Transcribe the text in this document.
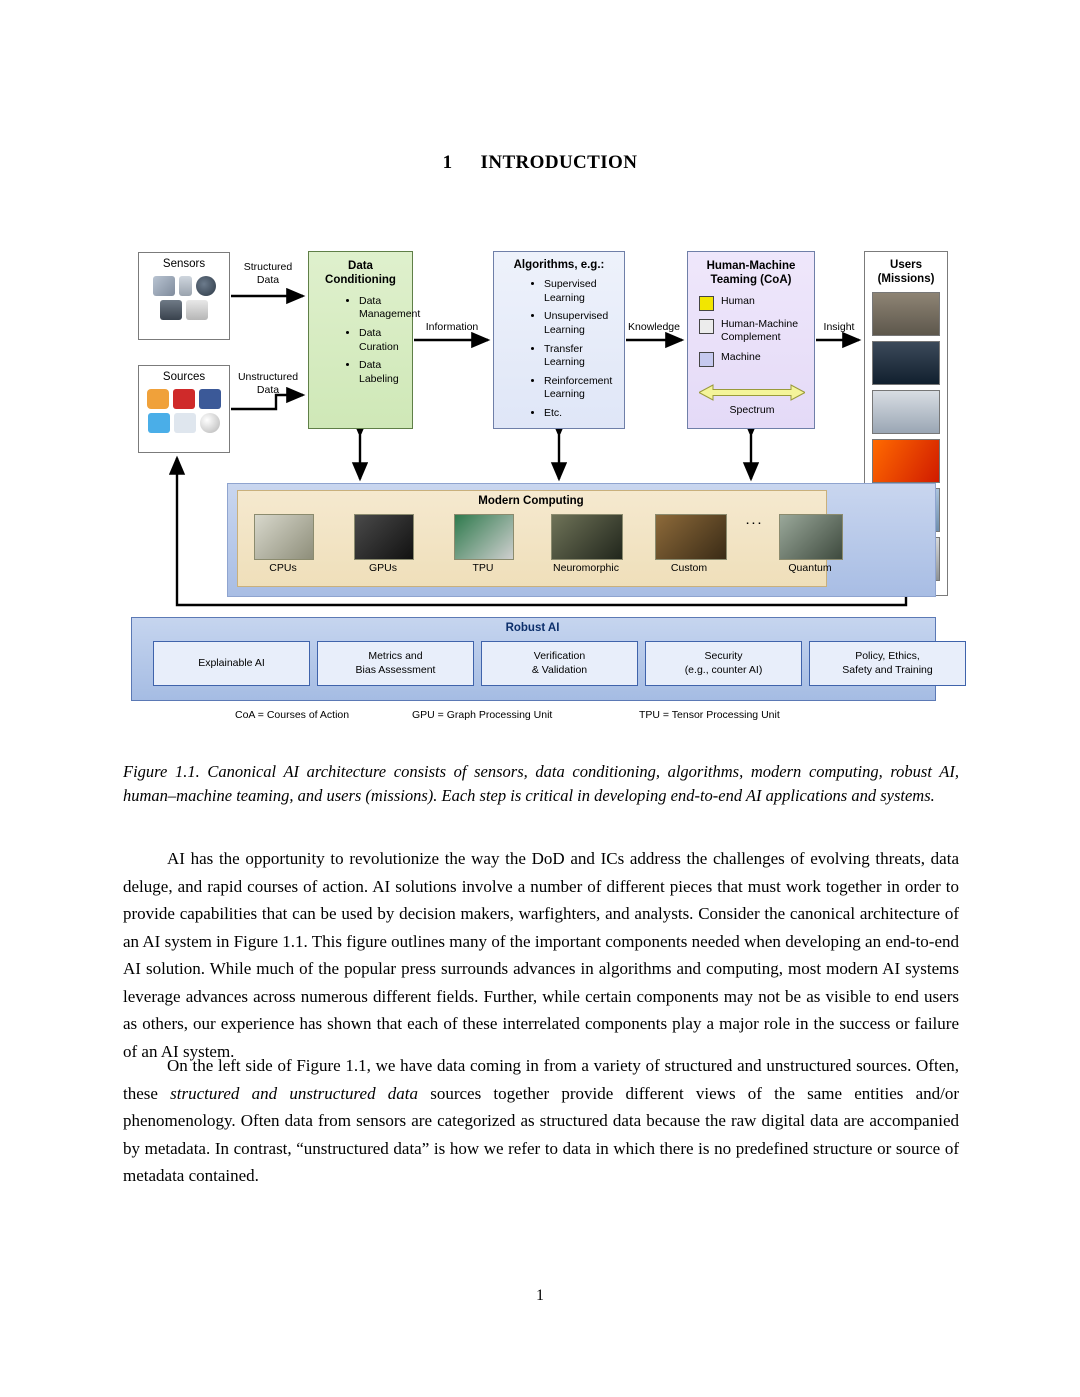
1 INTRODUCTION
Sensors
Sources
Data
Conditioning
• Data Management
• Data Curation
• Data Labeling
Algorithms, e.g.:
• Supervised Learning
• Unsupervised Learning
• Transfer Learning
• Reinforcement Learning
• Etc.
Human-Machine
Teaming (CoA)
Human
Human-Machine Complement
Machine
Spectrum
Users
(Missions)
Structured
Data
Unstructured
Data
Information	Knowledge	Insight
Modern Computing
CPUs	GPUs	TPU	Neuromorphic	Custom
...
Quantum
Robust AI
Explainable AI
Metrics and
Bias Assessment
Verification
& Validation
Security
(e.g., counter AI)
Policy, Ethics,
Safety and Training
CoA = Courses of Action	GPU = Graph Processing Unit	TPU = Tensor Processing Unit
Figure 1.1. Canonical AI architecture consists of sensors, data conditioning, algorithms, modern computing, robust AI, human–machine teaming, and users (missions). Each step is critical in developing end-to-end AI applications and systems.
AI has the opportunity to revolutionize the way the DoD and ICs address the challenges of evolving threats, data deluge, and rapid courses of action. AI solutions involve a number of different pieces that must work together in order to provide capabilities that can be used by decision makers, warfighters, and analysts. Consider the canonical architecture of an AI system in Figure 1.1. This figure outlines many of the important components needed when developing an end-to-end AI solution. While much of the popular press surrounds advances in algorithms and computing, most modern AI systems leverage advances across numerous different fields. Further, while certain components may not be as visible to end users as others, our experience has shown that each of these interrelated components play a major role in the success or failure of an AI system.
On the left side of Figure 1.1, we have data coming in from a variety of structured and unstructured sources. Often, these structured and unstructured data sources together provide different views of the same entities and/or phenomenology. Often data from sensors are categorized as structured data because the raw digital data are accompanied by metadata. In contrast, “unstructured data” is how we refer to data in which there is no predefined structure or source of metadata contained.
1
